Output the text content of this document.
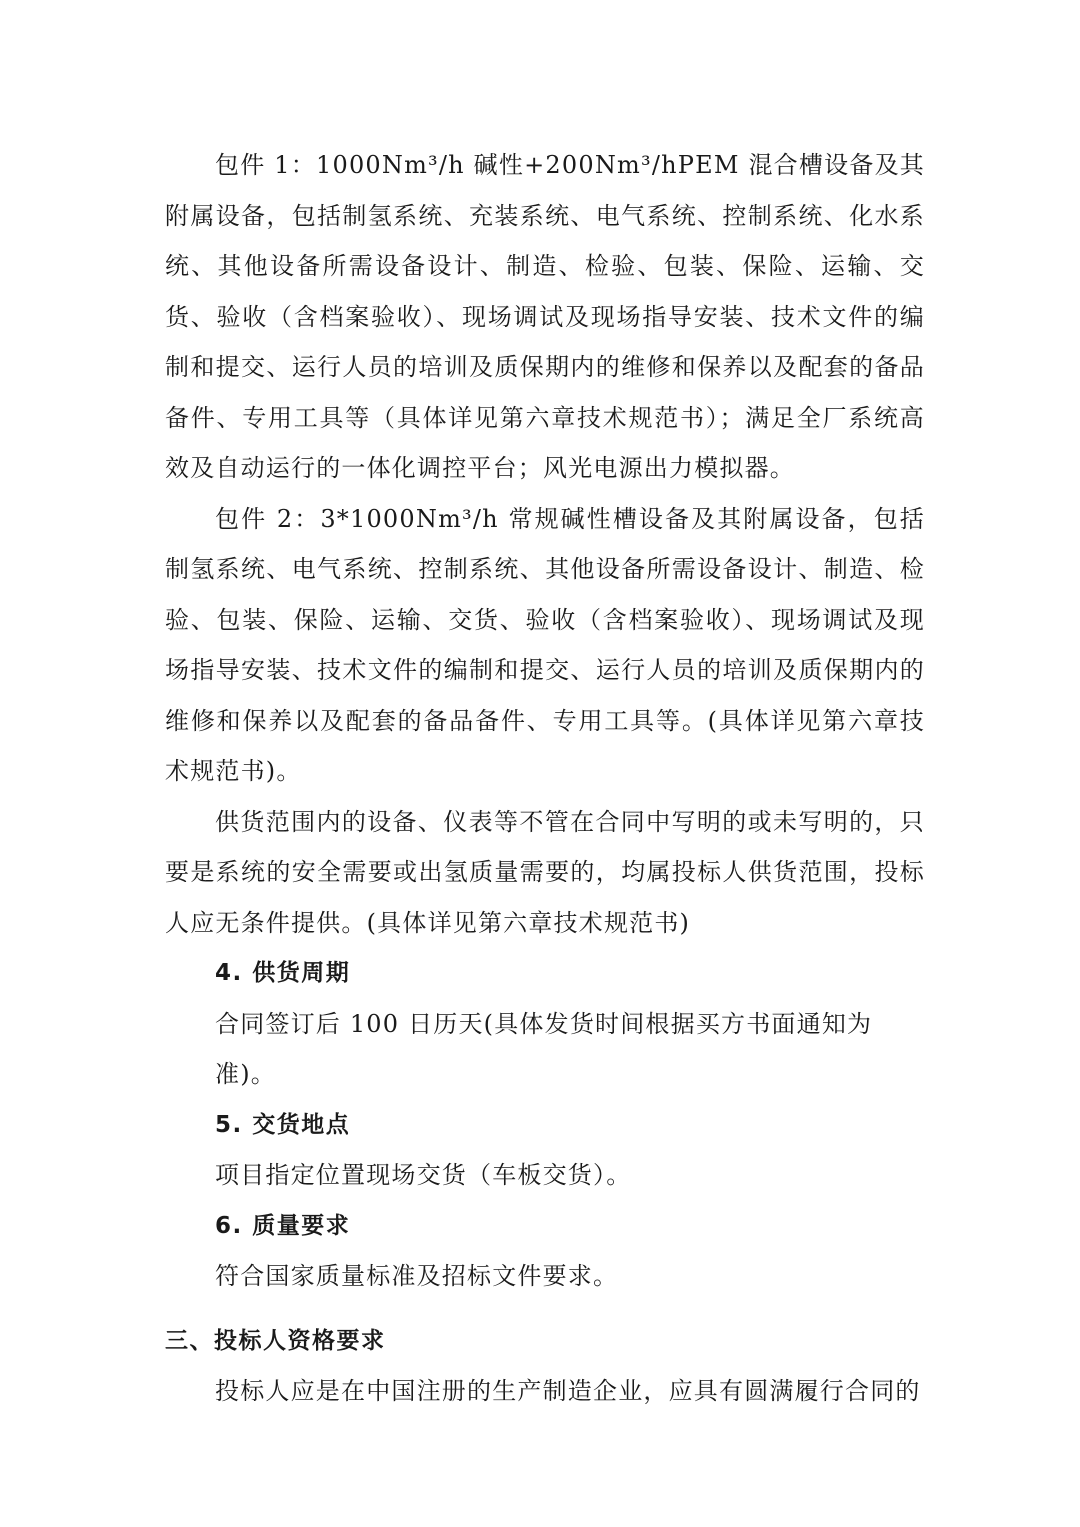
包件 1：1000Nm³/h 碱性+200Nm³/hPEM 混合槽设备及其附属设备，包括制氢系统、充装系统、电气系统、控制系统、化水系统、其他设备所需设备设计、制造、检验、包装、保险、运输、交货、验收（含档案验收）、现场调试及现场指导安装、技术文件的编制和提交、运行人员的培训及质保期内的维修和保养以及配套的备品备件、专用工具等（具体详见第六章技术规范书）；满足全厂系统高效及自动运行的一体化调控平台；风光电源出力模拟器。

包件 2：3*1000Nm³/h 常规碱性槽设备及其附属设备，包括制氢系统、电气系统、控制系统、其他设备所需设备设计、制造、检验、包装、保险、运输、交货、验收（含档案验收）、现场调试及现场指导安装、技术文件的编制和提交、运行人员的培训及质保期内的维修和保养以及配套的备品备件、专用工具等。(具体详见第六章技术规范书)。

供货范围内的设备、仪表等不管在合同中写明的或未写明的，只要是系统的安全需要或出氢质量需要的，均属投标人供货范围，投标人应无条件提供。(具体详见第六章技术规范书)

4. 供货周期

合同签订后 100 日历天(具体发货时间根据买方书面通知为准)。

5. 交货地点

项目指定位置现场交货（车板交货）。

6. 质量要求

符合国家质量标准及招标文件要求。

三、投标人资格要求

投标人应是在中国注册的生产制造企业，应具有圆满履行合同的
